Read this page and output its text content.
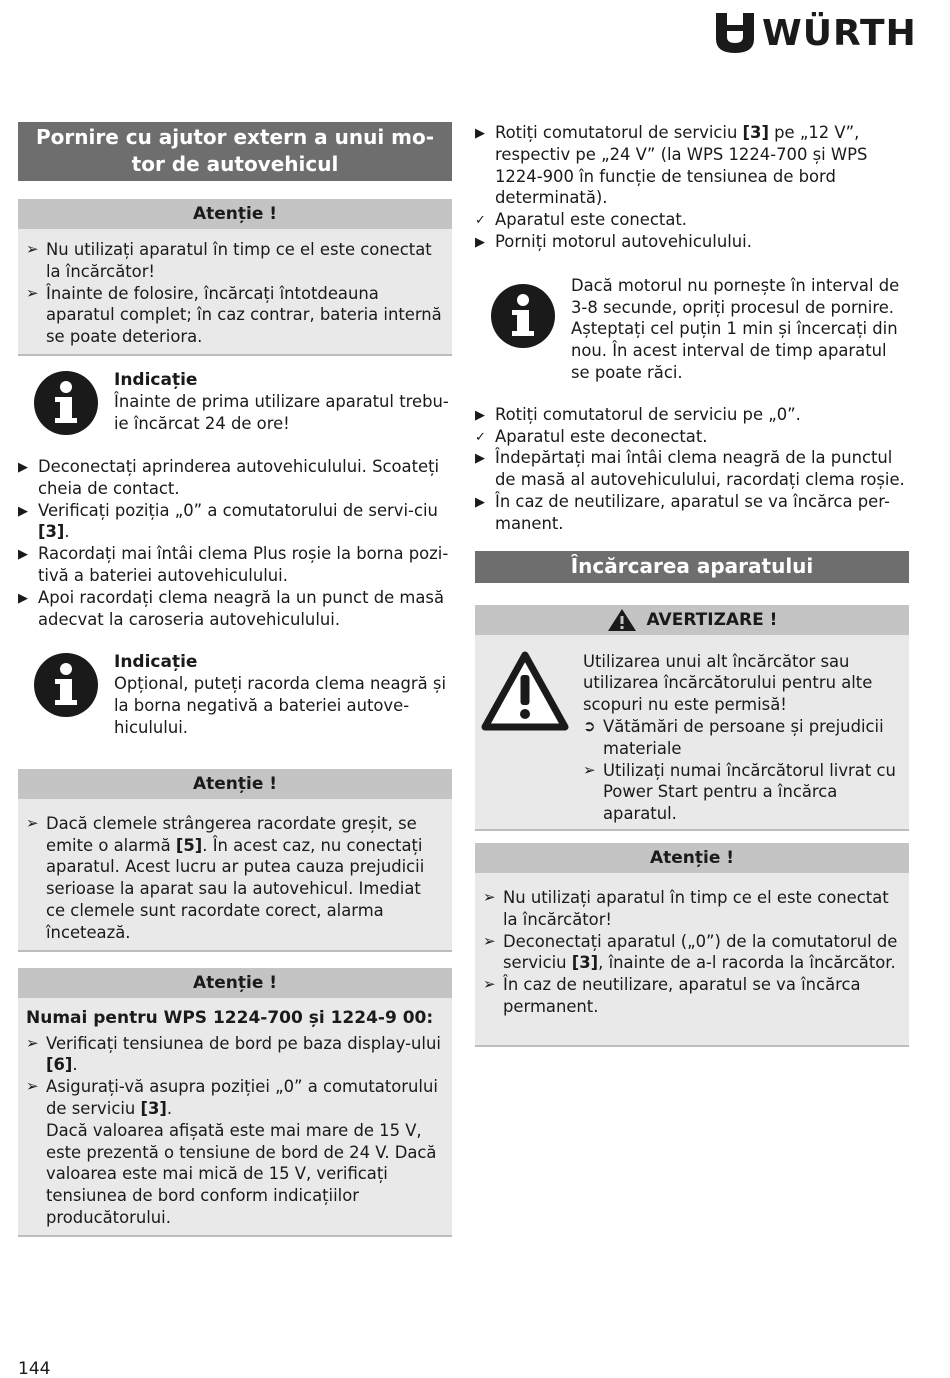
WÜRTH
Pornire cu ajutor extern a unui mo-tor de autovehicul
Atenție !
➢ Nu utilizați aparatul în timp ce el este conectat la încărcător!
➢ Înainte de folosire, încărcați întotdeauna aparatul complet; în caz contrar, bateria internă se poate deteriora.
Indicație
Înainte de prima utilizare aparatul trebu-ie încărcat 24 de ore!
▶ Deconectați aprinderea autovehiculului. Scoateți cheia de contact.
▶ Verificați poziția „0” a comutatorului de servi-ciu [3].
▶ Racordați mai întâi clema Plus roșie la borna pozi-tivă a bateriei autovehiculului.
▶ Apoi racordați clema neagră la un punct de masă adecvat la caroseria autovehiculului.
Indicație
Opțional, puteți racorda clema neagră și la borna negativă a bateriei autove-hiculului.
Atenție !
➢ Dacă clemele strângerea racordate greșit, se emite o alarmă [5]. În acest caz, nu conectați aparatul. Acest lucru ar putea cauza prejudicii serioase la aparat sau la autovehicul. Imediat ce clemele sunt racordate corect, alarma încetează.
Atenție !
Numai pentru WPS 1224-700 și 1224-9 00:
➢ Verificați tensiunea de bord pe baza display-ului [6].
➢ Asigurați-vă asupra poziției „0” a comutatorului de serviciu [3].
Dacă valoarea afișată este mai mare de 15 V, este prezentă o tensiune de bord de 24 V. Dacă valoarea este mai mică de 15 V, verificați tensiunea de bord conform indicațiilor producătorului.
▶ Rotiți comutatorul de serviciu [3] pe „12 V”, respectiv pe „24 V” (la WPS 1224-700 și WPS 1224-900 în funcție de tensiunea de bord determinată).
✓ Aparatul este conectat.
▶ Porniți motorul autovehiculului.
Dacă motorul nu pornește în interval de 3-8 secunde, opriți procesul de pornire. Așteptați cel puțin 1 min și încercați din nou. În acest interval de timp aparatul se poate răci.
▶ Rotiți comutatorul de serviciu pe „0”.
✓ Aparatul este deconectat.
▶ Îndepărtați mai întâi clema neagră de la punctul de masă al autovehiculului, racordați clema roșie.
▶ În caz de neutilizare, aparatul se va încărca per-manent.
Încărcarea aparatului
AVERTIZARE !
Utilizarea unui alt încărcător sau utilizarea încărcătorului pentru alte scopuri nu este permisă!
➲ Vătămări de persoane și prejudicii materiale
➢ Utilizați numai încărcătorul livrat cu Power Start pentru a încărca aparatul.
Atenție !
➢ Nu utilizați aparatul în timp ce el este conectat la încărcător!
➢ Deconectați aparatul („0”) de la comutatorul de serviciu [3], înainte de a-l racorda la încărcător.
➢ În caz de neutilizare, aparatul se va încărca permanent.
144
